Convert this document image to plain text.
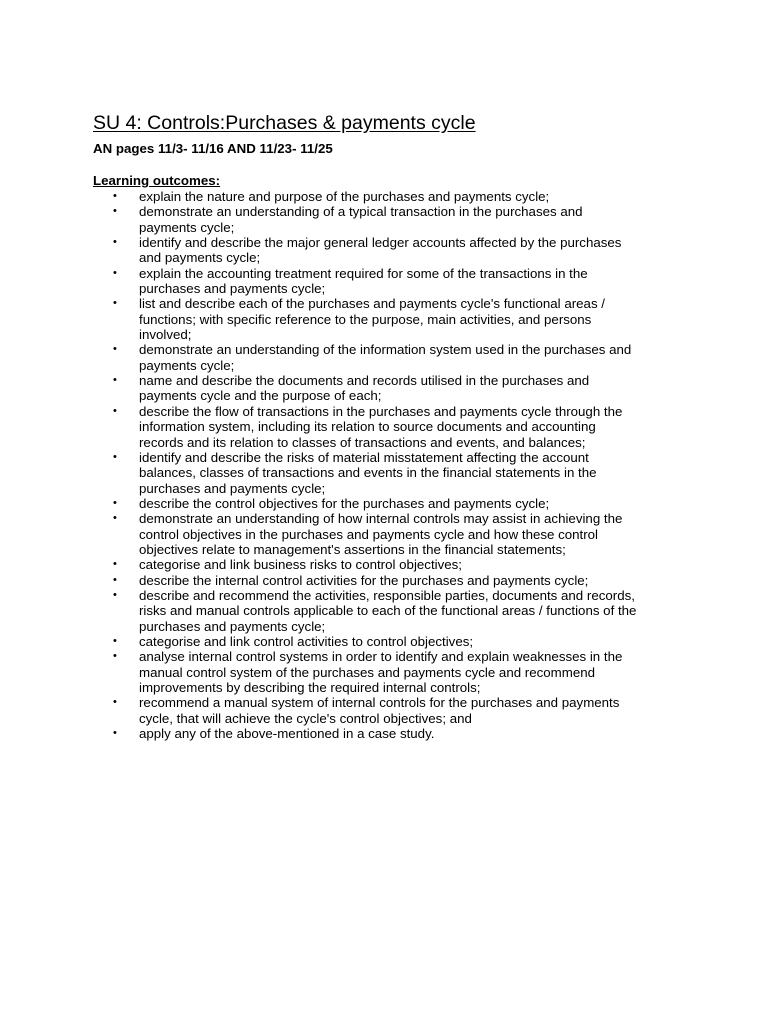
SU 4: Controls:Purchases & payments cycle

AN pages 11/3- 11/16 AND 11/23- 11/25

Learning outcomes:

• explain the nature and purpose of the purchases and payments cycle;
• demonstrate an understanding of a typical transaction in the purchases and
payments cycle;
• identify and describe the major general ledger accounts affected by the purchases
and payments cycle;
• explain the accounting treatment required for some of the transactions in the
purchases and payments cycle;
• list and describe each of the purchases and payments cycle's functional areas /
functions; with specific reference to the purpose, main activities, and persons
involved;
• demonstrate an understanding of the information system used in the purchases and
payments cycle;
• name and describe the documents and records utilised in the purchases and
payments cycle and the purpose of each;
• describe the flow of transactions in the purchases and payments cycle through the
information system, including its relation to source documents and accounting
records and its relation to classes of transactions and events, and balances;
• identify and describe the risks of material misstatement affecting the account
balances, classes of transactions and events in the financial statements in the
purchases and payments cycle;
• describe the control objectives for the purchases and payments cycle;
• demonstrate an understanding of how internal controls may assist in achieving the
control objectives in the purchases and payments cycle and how these control
objectives relate to management's assertions in the financial statements;
• categorise and link business risks to control objectives;
• describe the internal control activities for the purchases and payments cycle;
• describe and recommend the activities, responsible parties, documents and records,
risks and manual controls applicable to each of the functional areas / functions of the
purchases and payments cycle;
• categorise and link control activities to control objectives;
• analyse internal control systems in order to identify and explain weaknesses in the
manual control system of the purchases and payments cycle and recommend
improvements by describing the required internal controls;
• recommend a manual system of internal controls for the purchases and payments
cycle, that will achieve the cycle's control objectives; and
• apply any of the above-mentioned in a case study.
